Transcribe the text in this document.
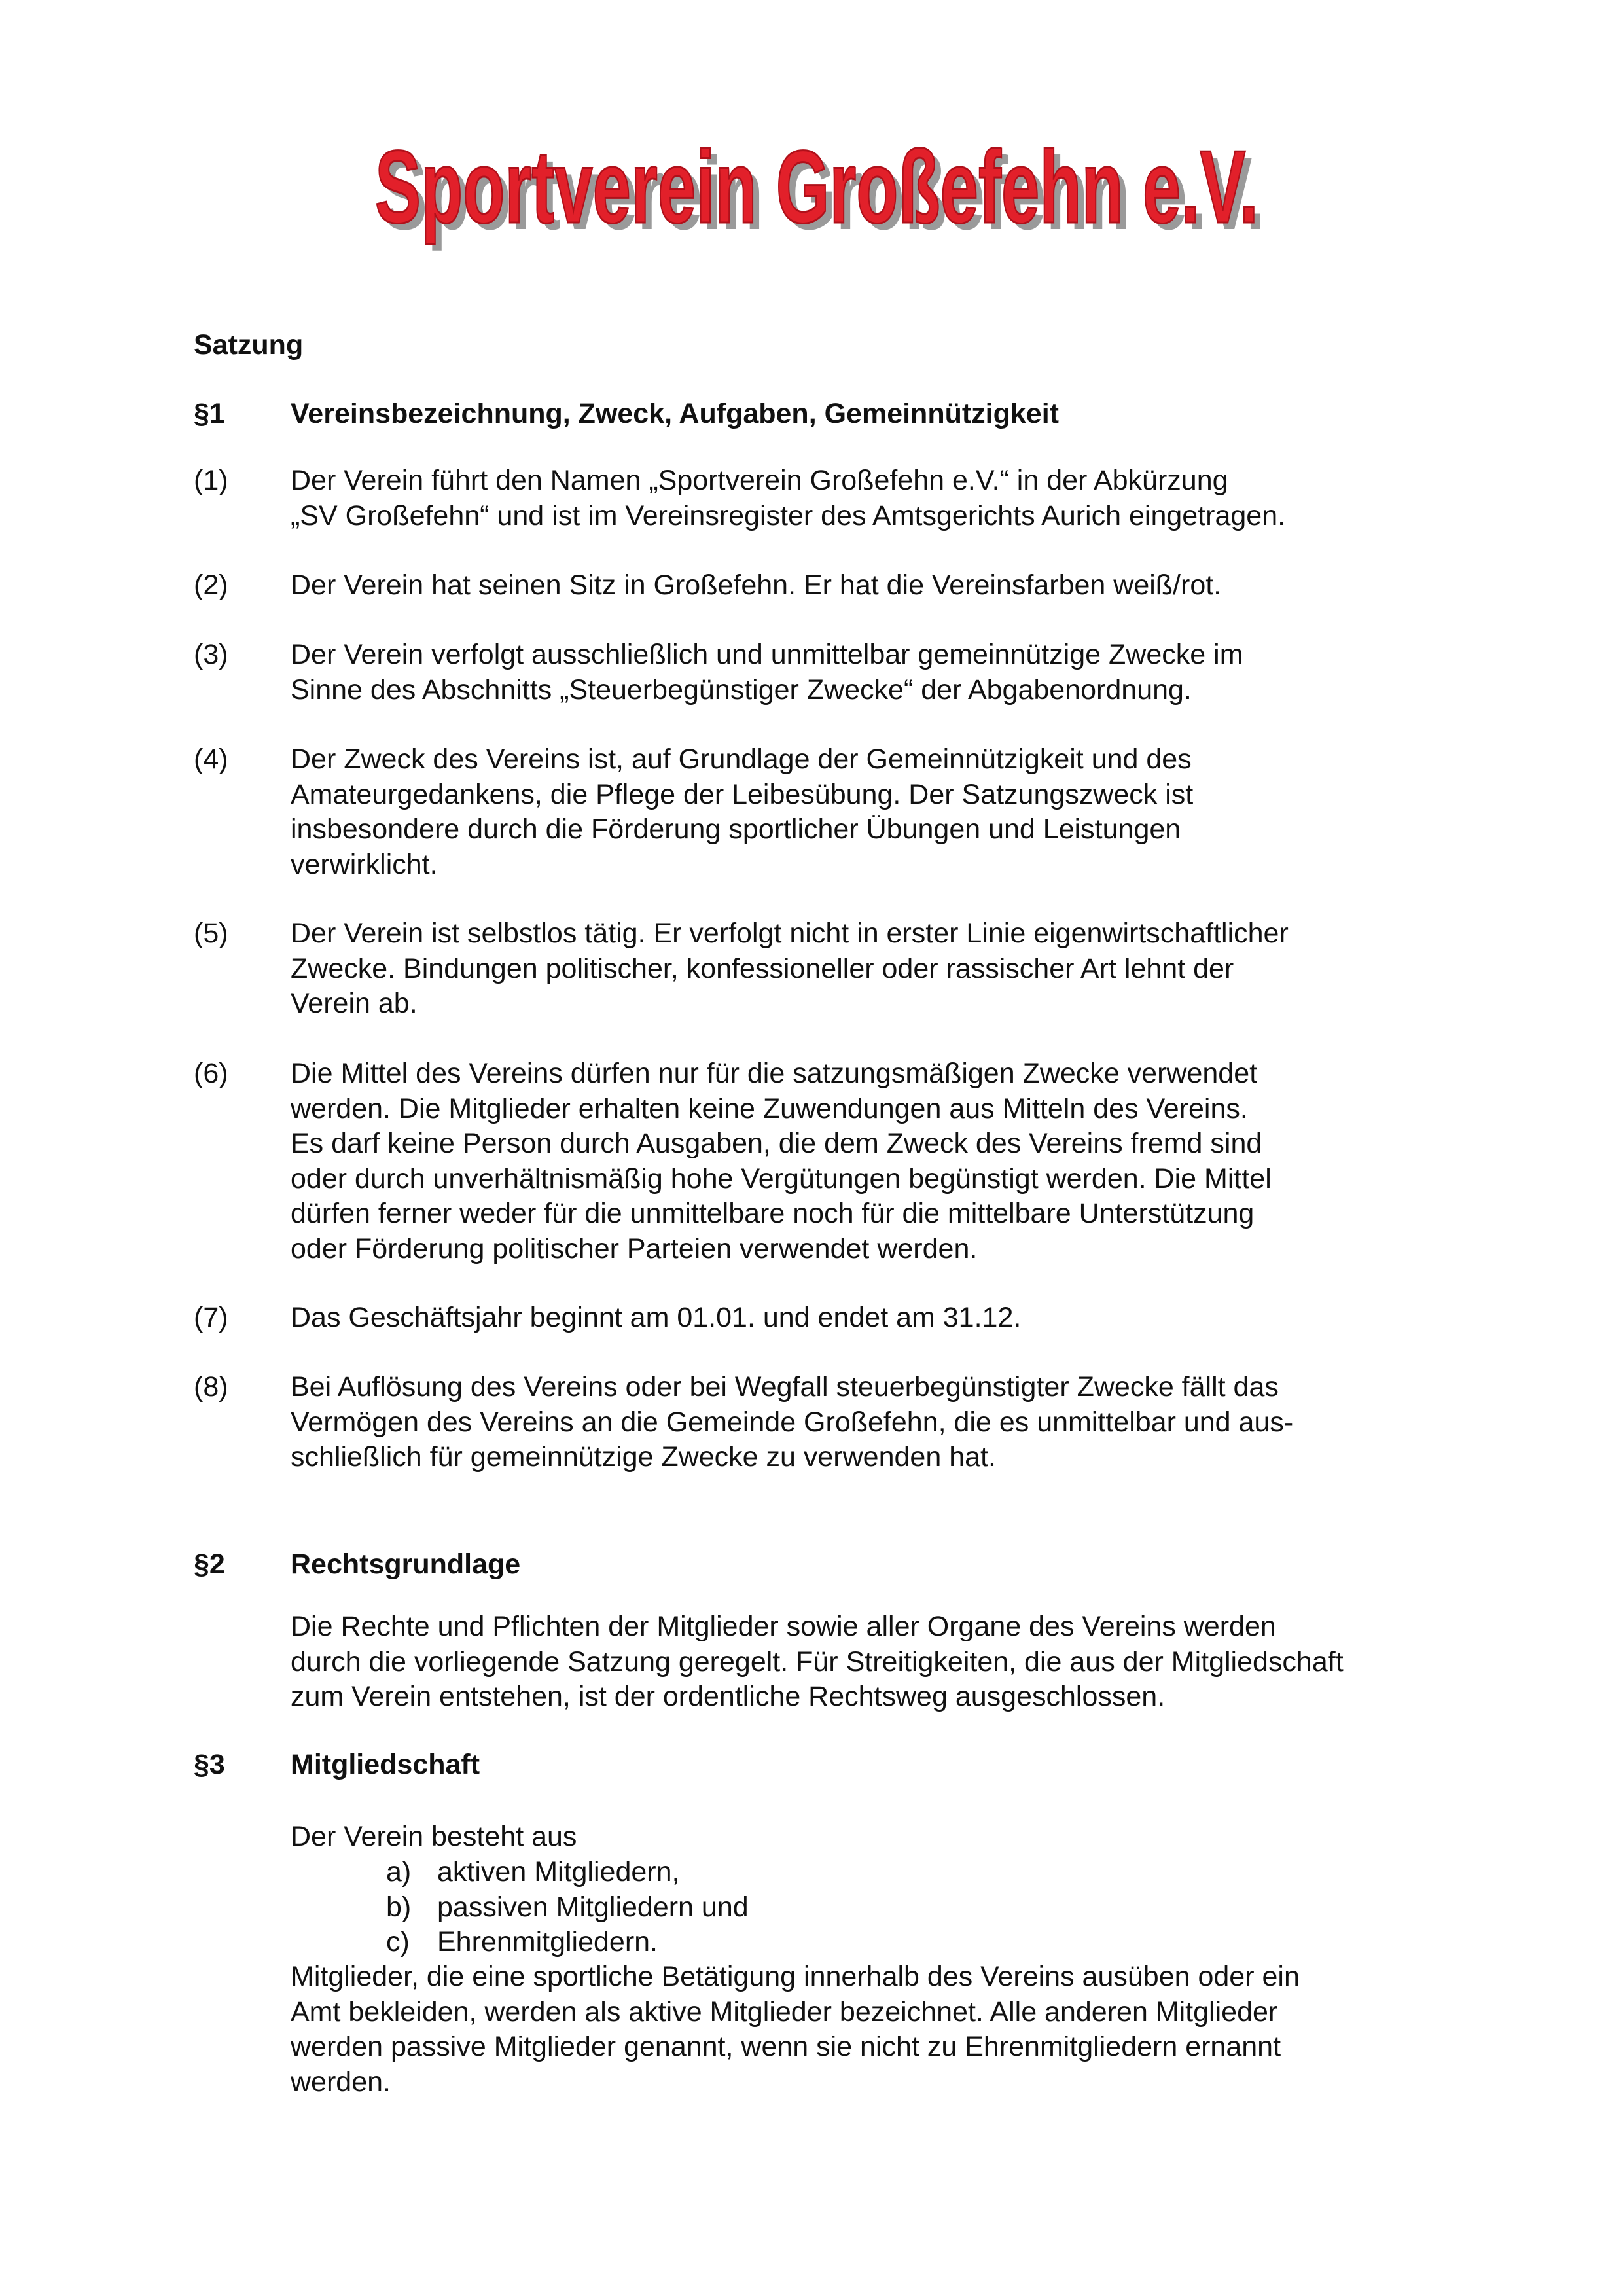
Sportverein Großefehn e.V.
Sportverein Großefehn e.V.
Satzung
§1	Vereinsbezeichnung, Zweck, Aufgaben, Gemeinnützigkeit
(1)	Der Verein führt den Namen „Sportverein Großefehn e.V.“ in der Abkürzung
„SV Großefehn“ und ist im Vereinsregister des Amtsgerichts Aurich eingetragen.
(2)	Der Verein hat seinen Sitz in Großefehn. Er hat die Vereinsfarben weiß/rot.
(3)	Der Verein verfolgt ausschließlich und unmittelbar gemeinnützige Zwecke im
Sinne des Abschnitts „Steuerbegünstiger Zwecke“ der Abgabenordnung.
(4)	Der Zweck des Vereins ist, auf Grundlage der Gemeinnützigkeit und des
Amateurgedankens, die Pflege der Leibesübung. Der Satzungszweck ist
insbesondere durch die Förderung sportlicher Übungen und Leistungen
verwirklicht.
(5)	Der Verein ist selbstlos tätig. Er verfolgt nicht in erster Linie eigenwirtschaftlicher
Zwecke. Bindungen politischer, konfessioneller oder rassischer Art lehnt der
Verein ab.
(6)	Die Mittel des Vereins dürfen nur für die satzungsmäßigen Zwecke verwendet
werden. Die Mitglieder erhalten keine Zuwendungen aus Mitteln des Vereins.
Es darf keine Person durch Ausgaben, die dem Zweck des Vereins fremd sind
oder durch unverhältnismäßig hohe Vergütungen begünstigt werden. Die Mittel
dürfen ferner weder für die unmittelbare noch für die mittelbare Unterstützung
oder Förderung politischer Parteien verwendet werden.
(7)	Das Geschäftsjahr beginnt am 01.01. und endet am 31.12.
(8)	Bei Auflösung des Vereins oder bei Wegfall steuerbegünstigter Zwecke fällt das
Vermögen des Vereins an die Gemeinde Großefehn, die es unmittelbar und aus-
schließlich für gemeinnützige Zwecke zu verwenden hat.
§2	Rechtsgrundlage
Die Rechte und Pflichten der Mitglieder sowie aller Organe des Vereins werden
durch die vorliegende Satzung geregelt. Für Streitigkeiten, die aus der Mitgliedschaft
zum Verein entstehen, ist der ordentliche Rechtsweg ausgeschlossen.
§3	Mitgliedschaft
Der Verein besteht aus
a) aktiven Mitgliedern,
b) passiven Mitgliedern und
c) Ehrenmitgliedern.
Mitglieder, die eine sportliche Betätigung innerhalb des Vereins ausüben oder ein
Amt bekleiden, werden als aktive Mitglieder bezeichnet. Alle anderen Mitglieder
werden passive Mitglieder genannt, wenn sie nicht zu Ehrenmitgliedern ernannt
werden.
